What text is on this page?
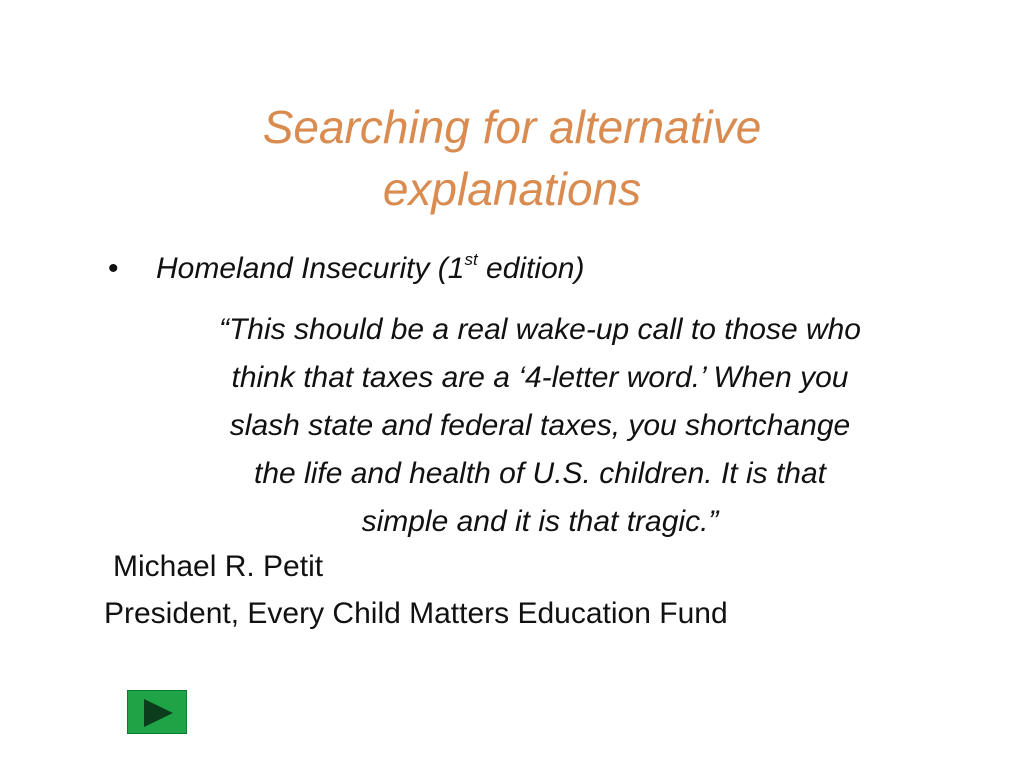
Searching for alternative explanations
• Homeland Insecurity (1st edition)
“This should be a real wake-up call to those who
think that taxes are a ‘4-letter word.’ When you
slash state and federal taxes, you shortchange
the life and health of U.S. children. It is that
simple and it is that tragic.”
Michael R. Petit
President, Every Child Matters Education Fund
